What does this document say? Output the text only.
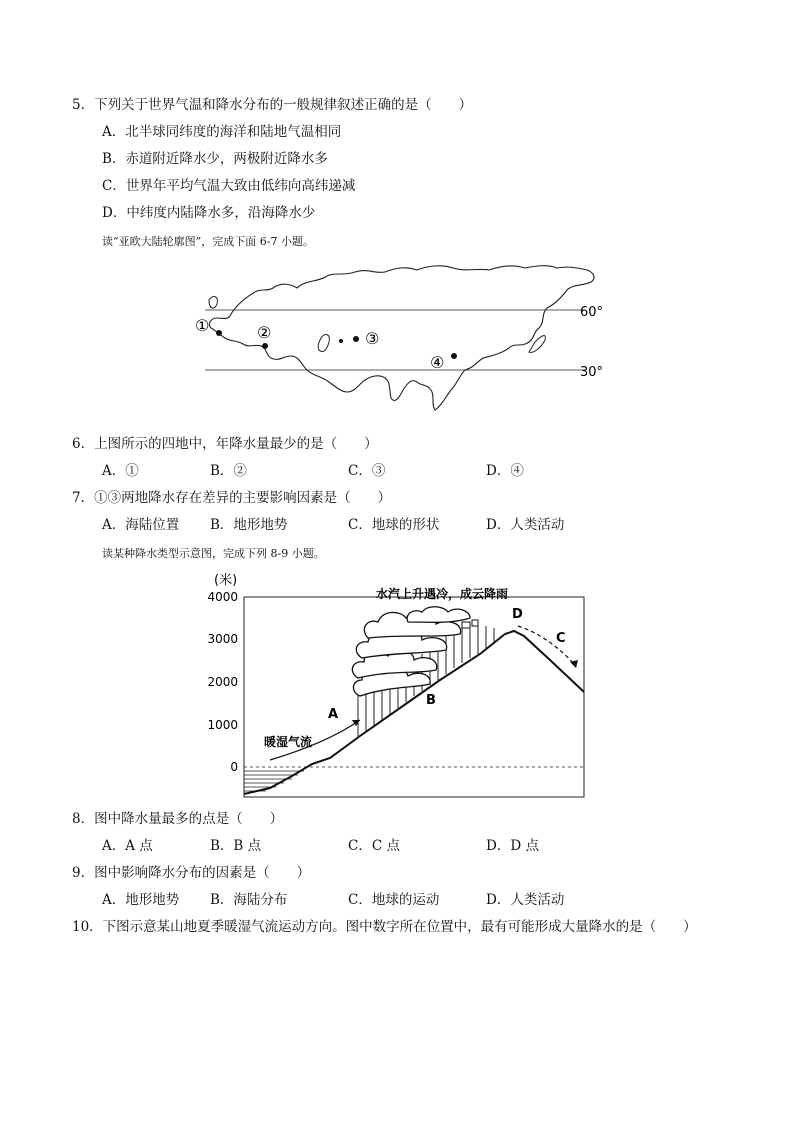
5．下列关于世界气温和降水分布的一般规律叙述正确的是（　　）
A．北半球同纬度的海洋和陆地气温相同
B．赤道附近降水少，两极附近降水多
C．世界年平均气温大致由低纬向高纬递减
D．中纬度内陆降水多，沿海降水少
读“亚欧大陆轮廓图”，完成下面 6-7 小题。
60°
30°
①	②	③
④
6．上图所示的四地中，年降水量最少的是（　　）
A．①	B．②	C．③	D．④
7．①③两地降水存在差异的主要影响因素是（　　）
A．海陆位置 B．地形地势	C．地球的形状	D．人类活动
读某种降水类型示意图，完成下列 8-9 小题。
(米)
4000
3000
2000
1000
0
水汽上升遇冷，成云降雨
暖湿气流
A
B
C
D
8．图中降水量最多的点是（　　）
A．A 点	B．B 点	C．C 点	D．D 点
9．图中影响降水分布的因素是（　　）
A．地形地势 B．海陆分布	C．地球的运动	D．人类活动
10．下图示意某山地夏季暖湿气流运动方向。图中数字所在位置中，最有可能形成大量降水的是（　　）
